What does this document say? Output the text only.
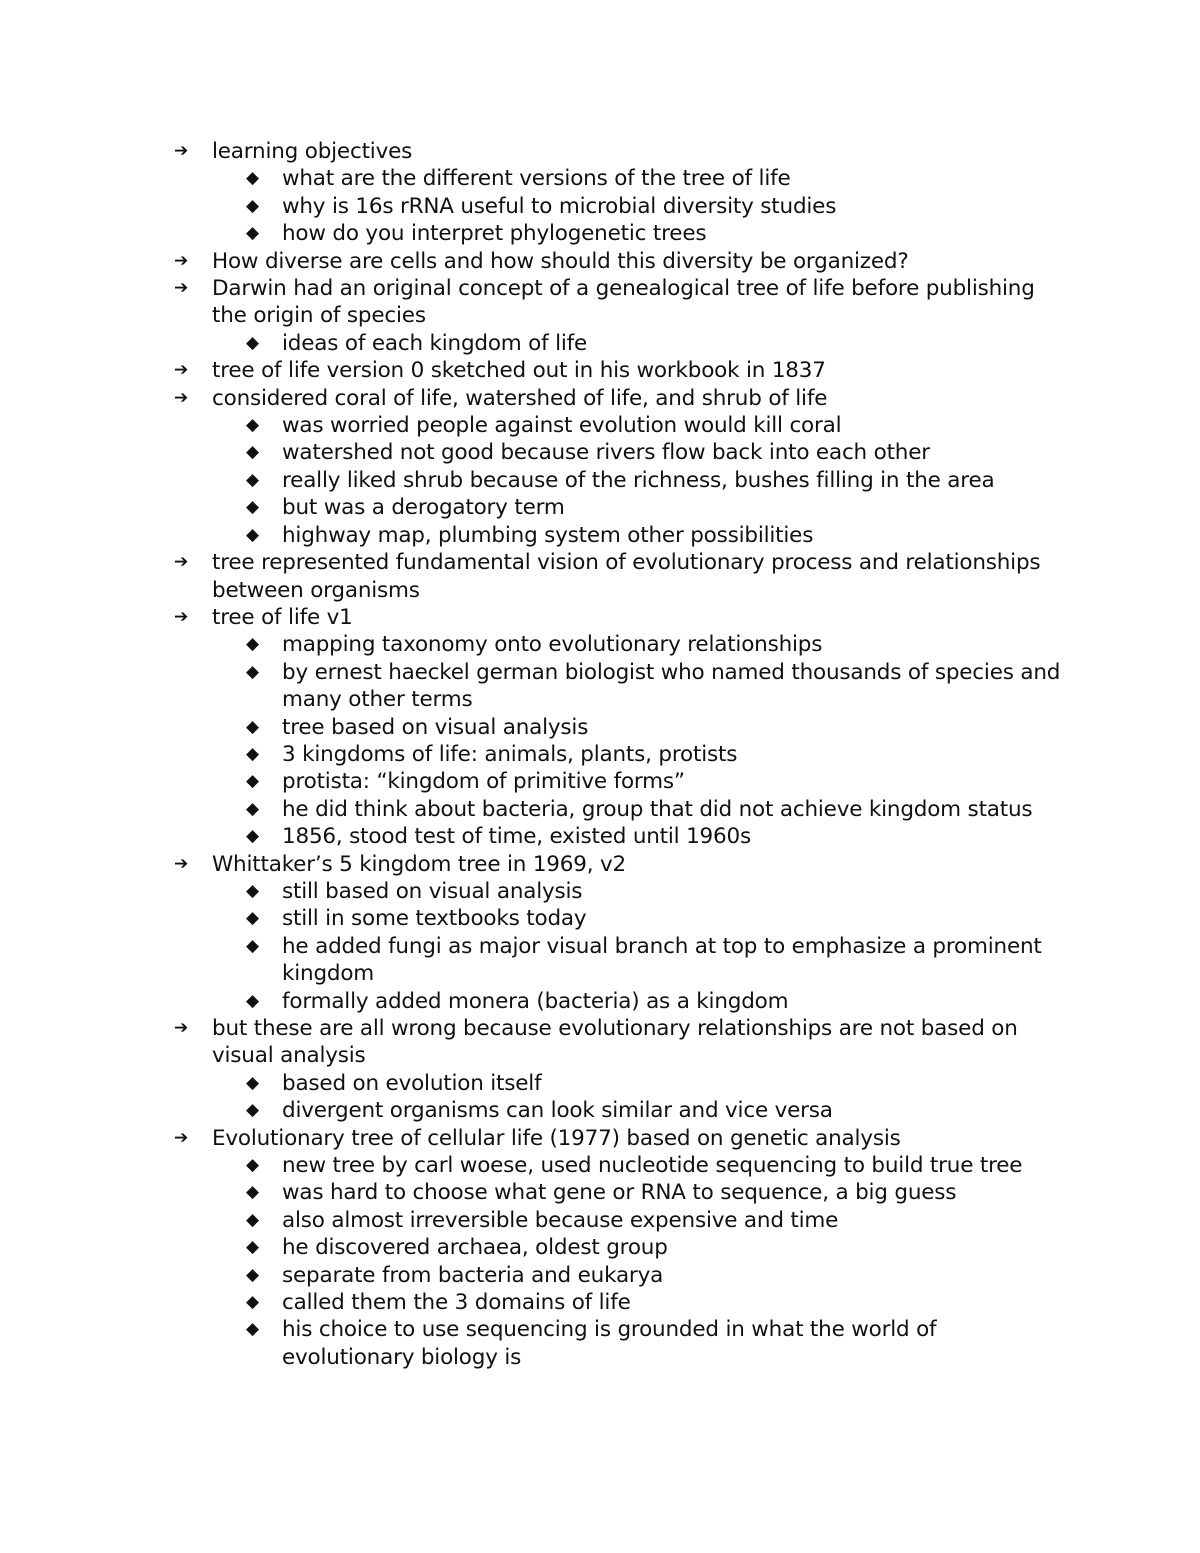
➔ learning objectives
◆ what are the different versions of the tree of life
◆ why is 16s rRNA useful to microbial diversity studies
◆ how do you interpret phylogenetic trees
➔ How diverse are cells and how should this diversity be organized?
➔ Darwin had an original concept of a genealogical tree of life before publishing the origin of species
◆ ideas of each kingdom of life
➔ tree of life version 0 sketched out in his workbook in 1837
➔ considered coral of life, watershed of life, and shrub of life
◆ was worried people against evolution would kill coral
◆ watershed not good because rivers flow back into each other
◆ really liked shrub because of the richness, bushes filling in the area
◆ but was a derogatory term
◆ highway map, plumbing system other possibilities
➔ tree represented fundamental vision of evolutionary process and relationships between organisms
➔ tree of life v1
◆ mapping taxonomy onto evolutionary relationships
◆ by ernest haeckel german biologist who named thousands of species and many other terms
◆ tree based on visual analysis
◆ 3 kingdoms of life: animals, plants, protists
◆ protista: “kingdom of primitive forms”
◆ he did think about bacteria, group that did not achieve kingdom status
◆ 1856, stood test of time, existed until 1960s
➔ Whittaker’s 5 kingdom tree in 1969, v2
◆ still based on visual analysis
◆ still in some textbooks today
◆ he added fungi as major visual branch at top to emphasize a prominent kingdom
◆ formally added monera (bacteria) as a kingdom
➔ but these are all wrong because evolutionary relationships are not based on visual analysis
◆ based on evolution itself
◆ divergent organisms can look similar and vice versa
➔ Evolutionary tree of cellular life (1977) based on genetic analysis
◆ new tree by carl woese, used nucleotide sequencing to build true tree
◆ was hard to choose what gene or RNA to sequence, a big guess
◆ also almost irreversible because expensive and time
◆ he discovered archaea, oldest group
◆ separate from bacteria and eukarya
◆ called them the 3 domains of life
◆ his choice to use sequencing is grounded in what the world of evolutionary biology is
